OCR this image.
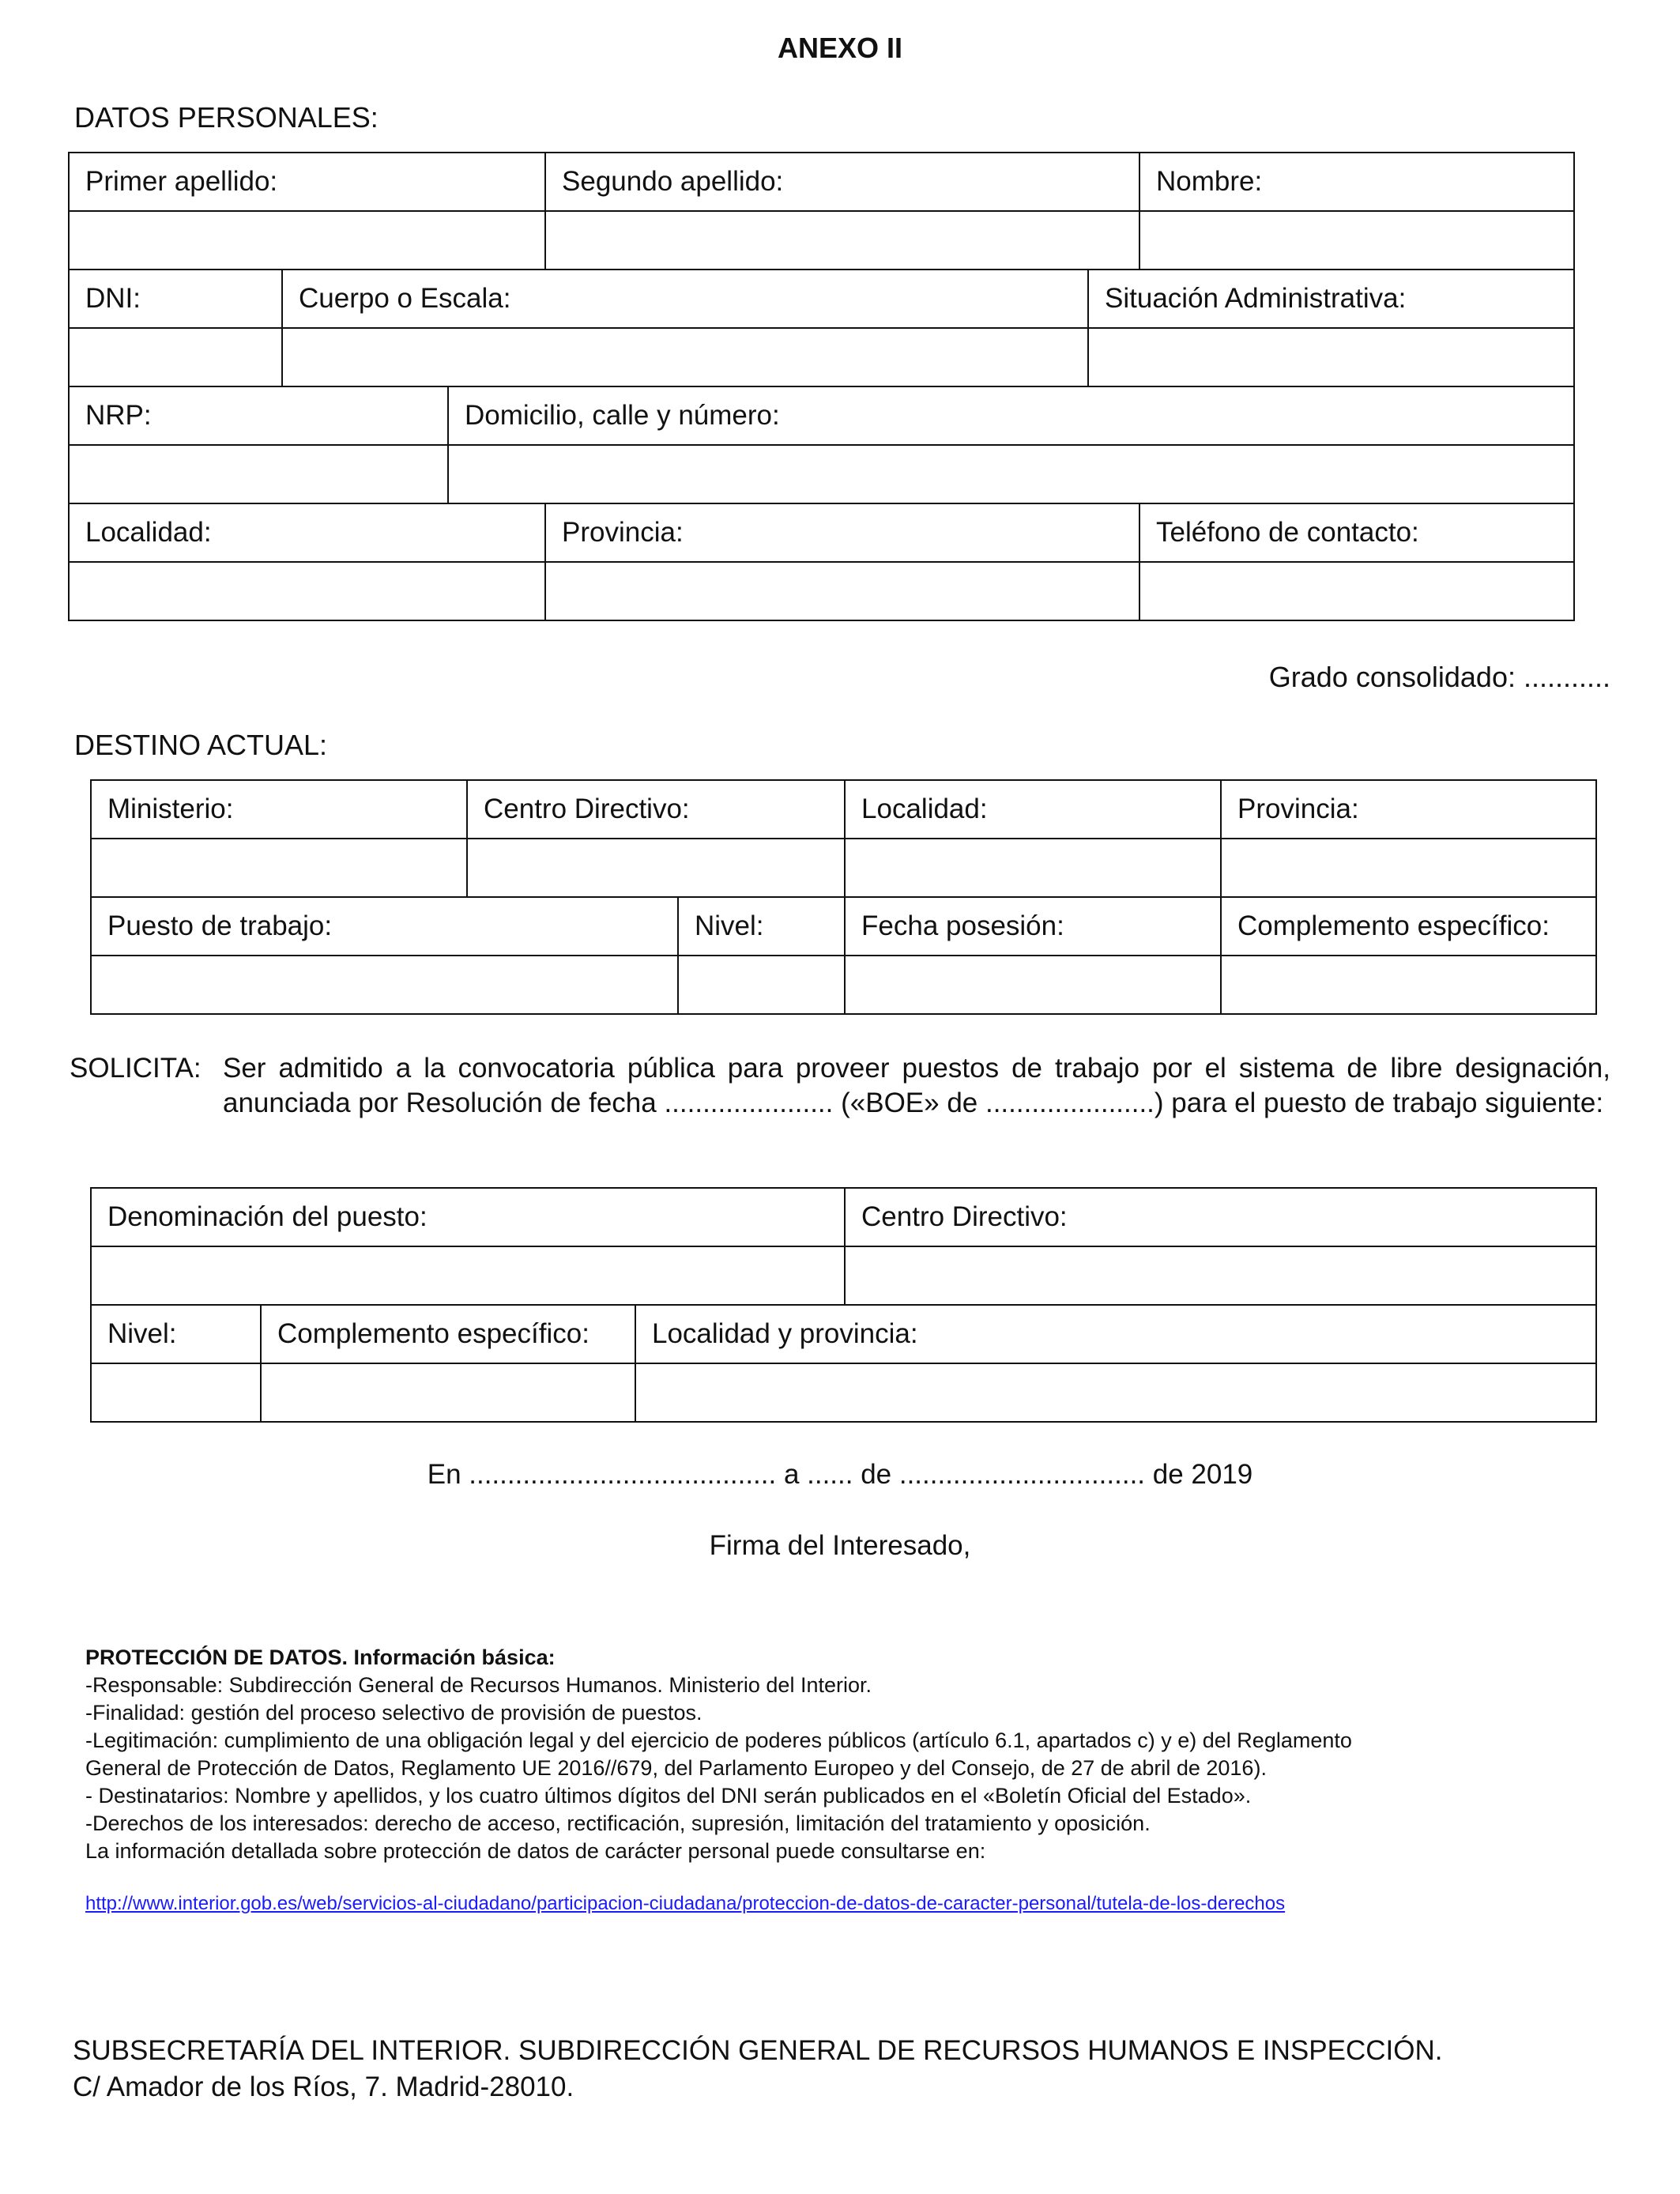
ANEXO II
DATOS PERSONALES:
Primer apellido:			Segundo apellido:		Nombre:

DNI:	Cuerpo o Escala:			Situación Administrativa:	

NRP:		Domicilio, calle y número:			

Localidad:			Provincia:		Teléfono de contacto:

Grado consolidado: ...........
DESTINO ACTUAL:
Ministerio:	Centro Directivo:		Localidad:	Provincia:

Puesto de trabajo:		Nivel:	Fecha posesión:	Complemento específico:

SOLICITA: Ser admitido a la convocatoria pública para proveer puestos de trabajo por el sistema de libre designación, anunciada por Resolución de fecha ...................... («BOE» de ......................) para el puesto de trabajo siguiente:
Denominación del puesto:			Centro Directivo:

Nivel:	Complemento específico:	Localidad y provincia:	

En ........................................ a ...... de ................................ de 2019
Firma del Interesado,
PROTECCIÓN DE DATOS. Información básica:
-Responsable: Subdirección General de Recursos Humanos. Ministerio del Interior.
-Finalidad: gestión del proceso selectivo de provisión de puestos.
-Legitimación: cumplimiento de una obligación legal y del ejercicio de poderes públicos (artículo 6.1, apartados c) y e) del Reglamento
General de Protección de Datos, Reglamento UE 2016//679, del Parlamento Europeo y del Consejo, de 27 de abril de 2016).
- Destinatarios: Nombre y apellidos, y los cuatro últimos dígitos del DNI serán publicados en el «Boletín Oficial del Estado».
-Derechos de los interesados: derecho de acceso, rectificación, supresión, limitación del tratamiento y oposición.
La información detallada sobre protección de datos de carácter personal puede consultarse en:
http://www.interior.gob.es/web/servicios-al-ciudadano/participacion-ciudadana/proteccion-de-datos-de-caracter-personal/tutela-de-los-derechos
SUBSECRETARÍA DEL INTERIOR. SUBDIRECCIÓN GENERAL DE RECURSOS HUMANOS E INSPECCIÓN.
C/ Amador de los Ríos, 7. Madrid-28010.
